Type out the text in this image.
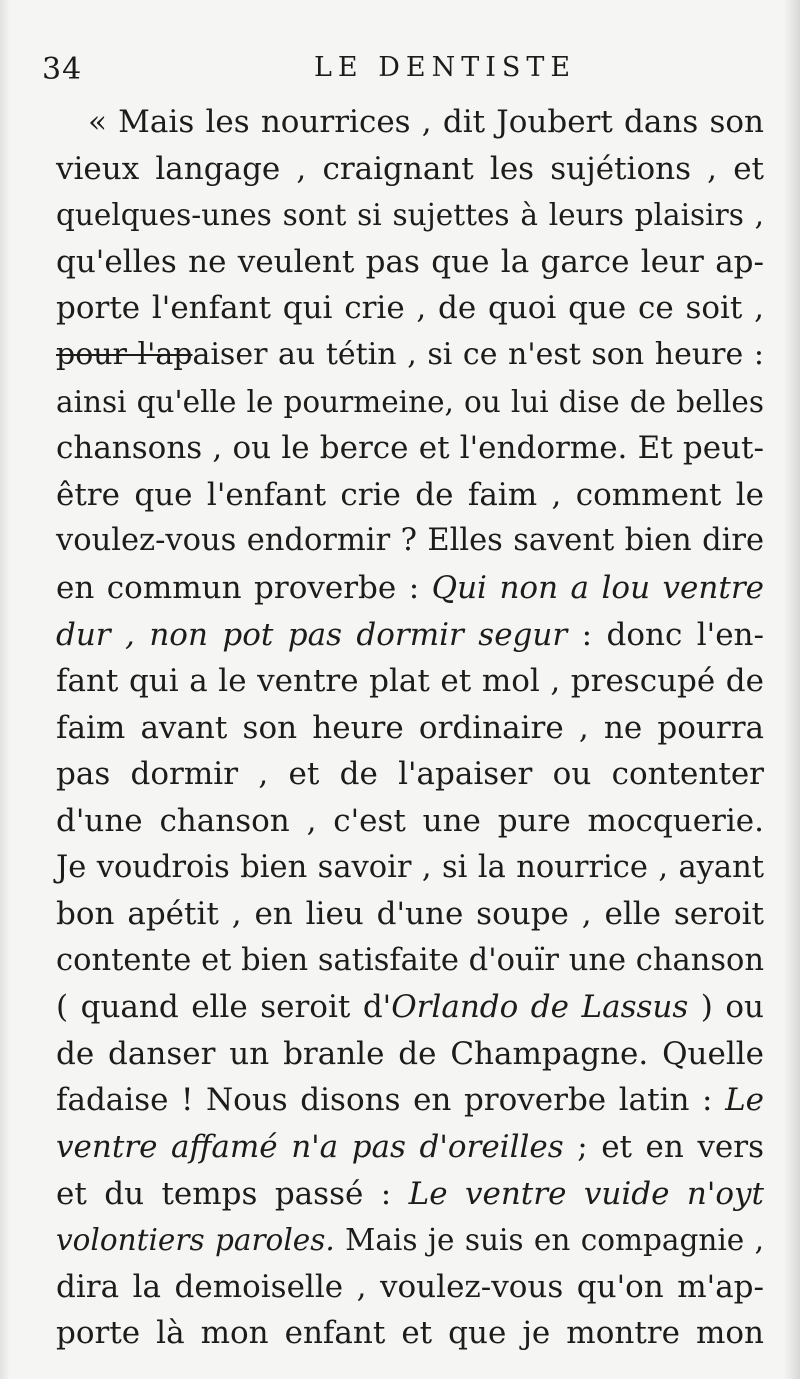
34	LE DENTISTE
« Mais les nourrices , dit Joubert dans son
vieux langage , craignant les sujétions , et
quelques-unes sont si sujettes à leurs plaisirs ,
qu'elles ne veulent pas que la garce leur ap-
porte l'enfant qui crie , de quoi que ce soit ,
pour l'apaiser au tétin , si ce n'est son heure :
ainsi qu'elle le pourmeine, ou lui dise de belles
chansons , ou le berce et l'endorme. Et peut-
être que l'enfant crie de faim , comment le
voulez-vous endormir ? Elles savent bien dire
en commun proverbe : Qui non a lou ventre
dur , non pot pas dormir segur : donc l'en-
fant qui a le ventre plat et mol , prescupé de
faim avant son heure ordinaire , ne pourra
pas dormir , et de l'apaiser ou contenter
d'une chanson , c'est une pure mocquerie.
Je voudrois bien savoir , si la nourrice , ayant
bon apétit , en lieu d'une soupe , elle seroit
contente et bien satisfaite d'ouïr une chanson
( quand elle seroit d'Orlando de Lassus ) ou
de danser un branle de Champagne. Quelle
fadaise ! Nous disons en proverbe latin : Le
ventre affamé n'a pas d'oreilles ; et en vers
et du temps passé : Le ventre vuide n'oyt
volontiers paroles. Mais je suis en compagnie ,
dira la demoiselle , voulez-vous qu'on m'ap-
porte là mon enfant et que je montre mon
